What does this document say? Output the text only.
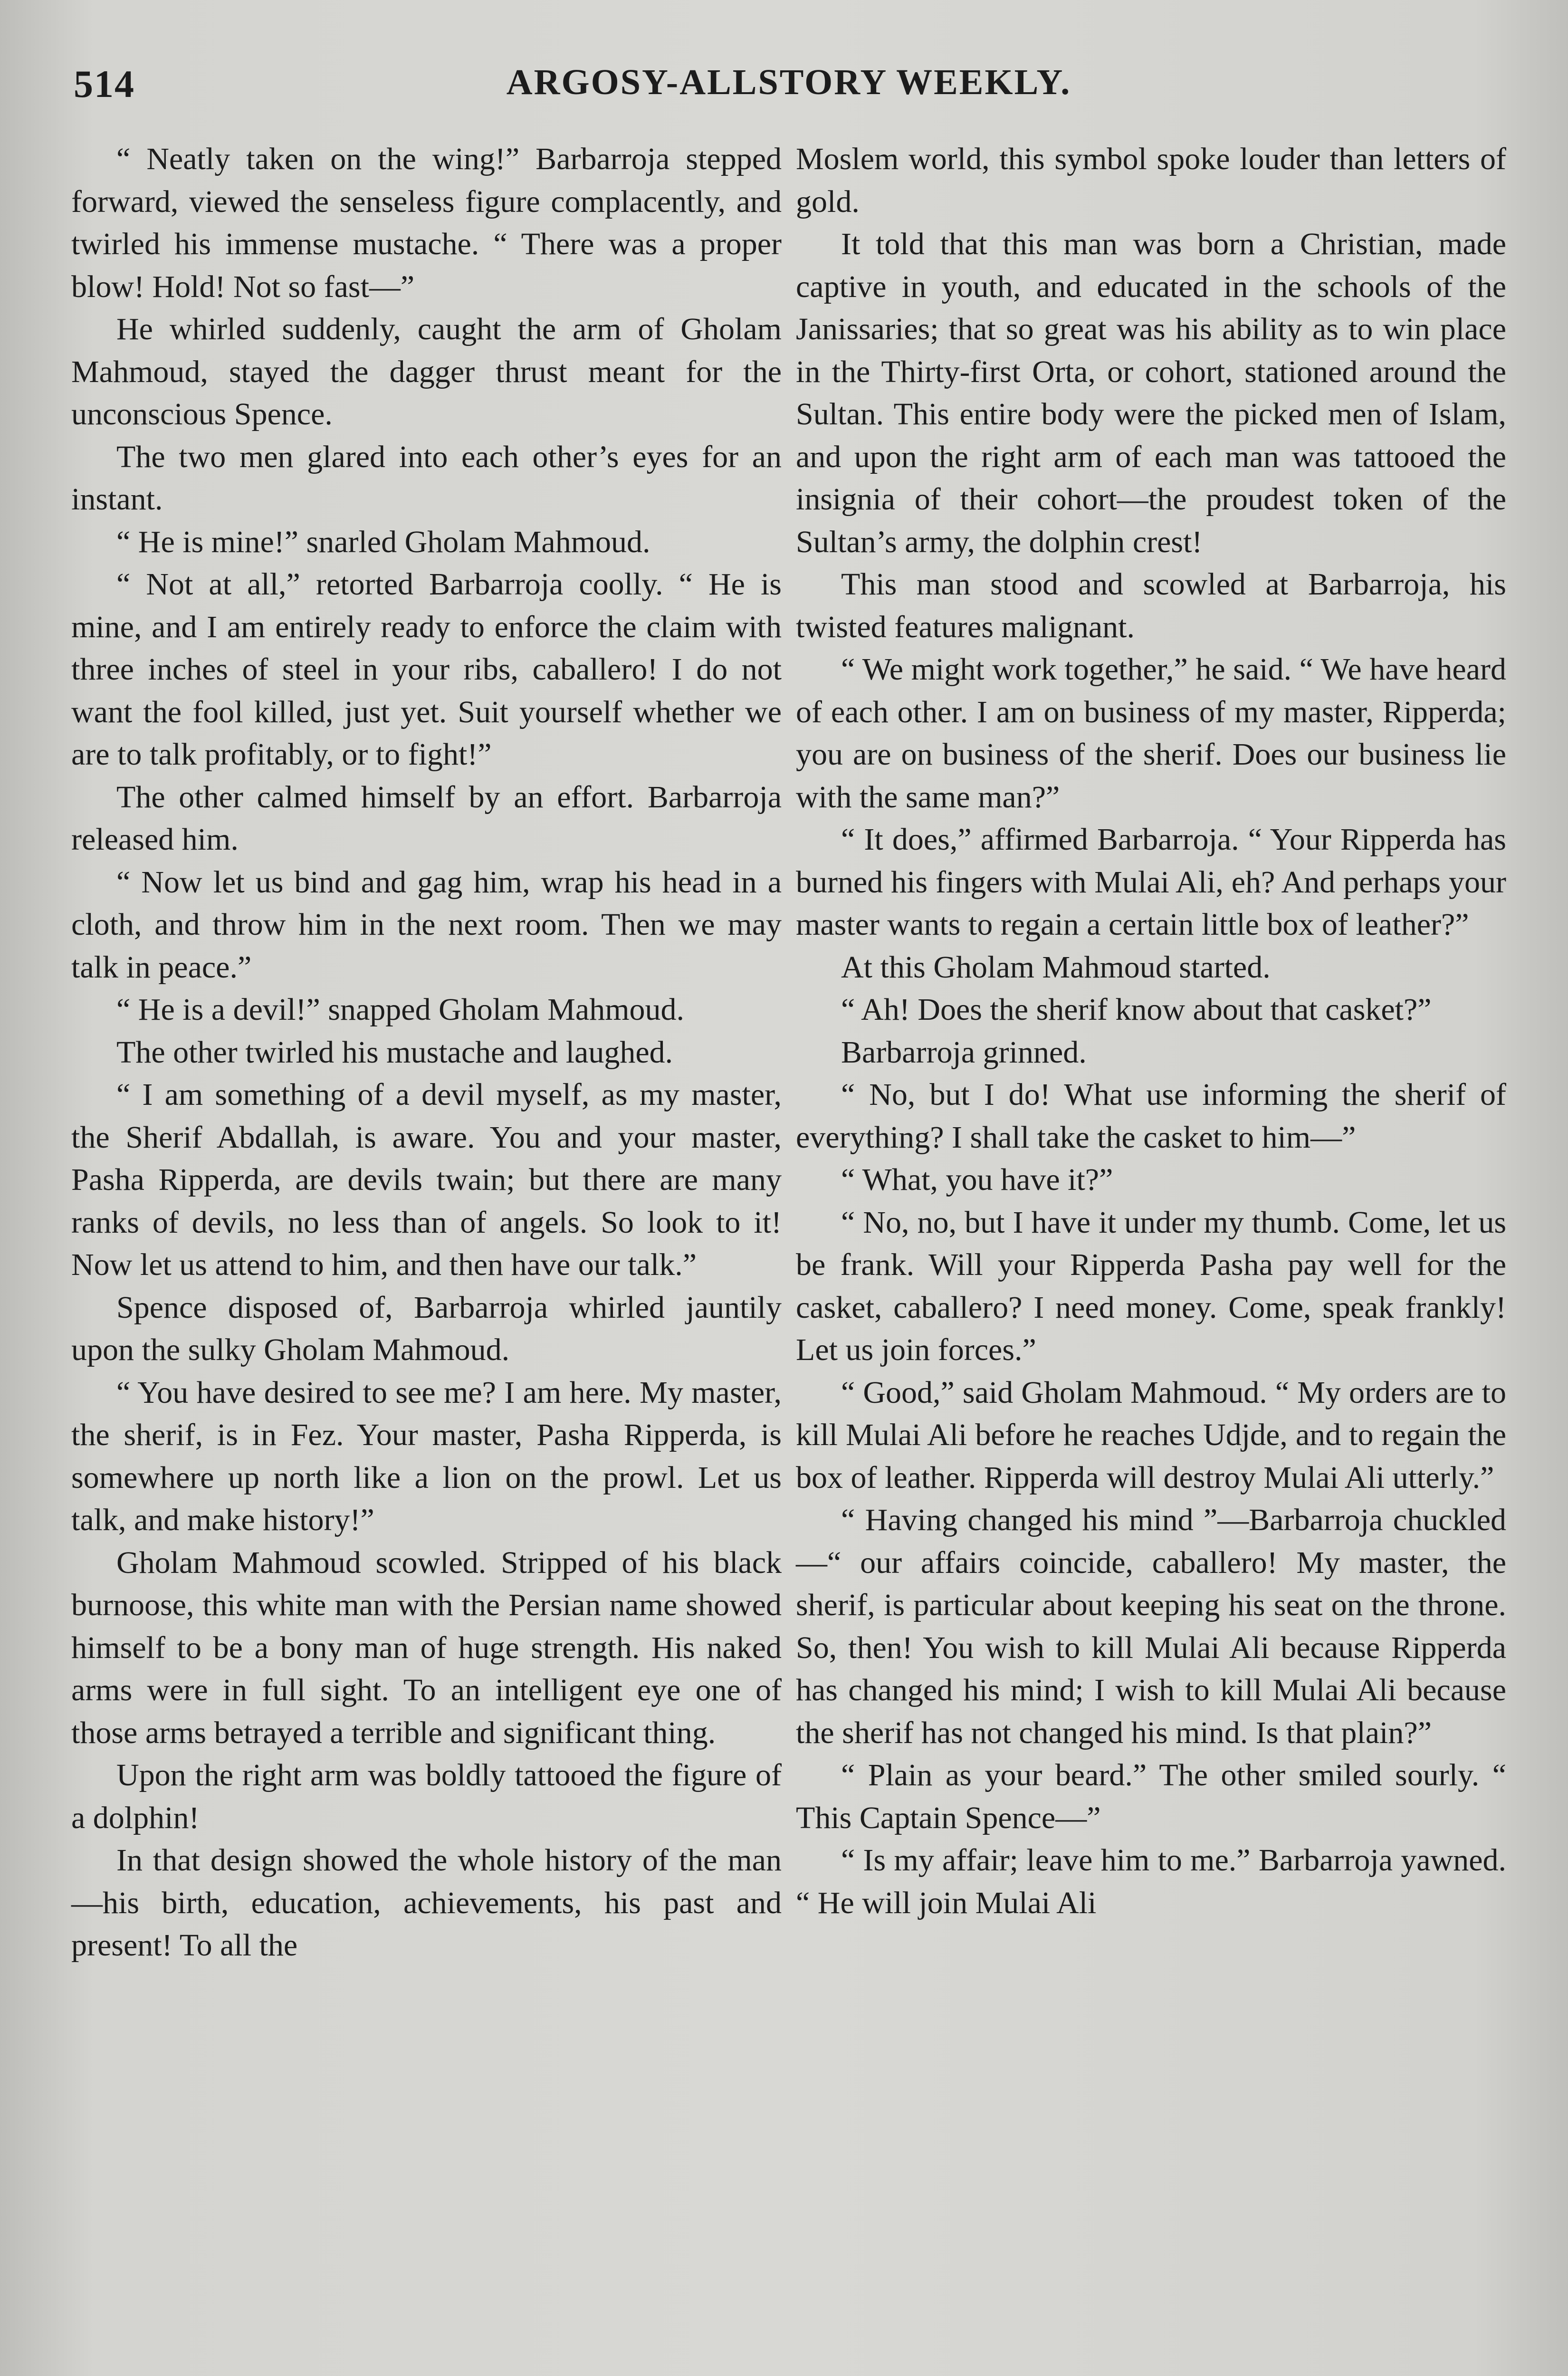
514	ARGOSY-ALLSTORY WEEKLY.

“ Neatly taken on the wing!” Barbarroja stepped forward, viewed the senseless figure complacently, and twirled his immense mustache. “ There was a proper blow! Hold! Not so fast—”

He whirled suddenly, caught the arm of Gholam Mahmoud, stayed the dagger thrust meant for the unconscious Spence.

The two men glared into each other’s eyes for an instant.

“ He is mine!” snarled Gholam Mahmoud.

“ Not at all,” retorted Barbarroja coolly. “ He is mine, and I am entirely ready to enforce the claim with three inches of steel in your ribs, caballero! I do not want the fool killed, just yet. Suit yourself whether we are to talk profitably, or to fight!”

The other calmed himself by an effort. Barbarroja released him.

“ Now let us bind and gag him, wrap his head in a cloth, and throw him in the next room. Then we may talk in peace.”

“ He is a devil!” snapped Gholam Mahmoud.

The other twirled his mustache and laughed.

“ I am something of a devil myself, as my master, the Sherif Abdallah, is aware. You and your master, Pasha Ripperda, are devils twain; but there are many ranks of devils, no less than of angels. So look to it! Now let us attend to him, and then have our talk.”

Spence disposed of, Barbarroja whirled jauntily upon the sulky Gholam Mahmoud.

“ You have desired to see me? I am here. My master, the sherif, is in Fez. Your master, Pasha Ripperda, is somewhere up north like a lion on the prowl. Let us talk, and make history!”

Gholam Mahmoud scowled. Stripped of his black burnoose, this white man with the Persian name showed himself to be a bony man of huge strength. His naked arms were in full sight. To an intelligent eye one of those arms betrayed a terrible and significant thing.

Upon the right arm was boldly tattooed the figure of a dolphin!

In that design showed the whole history of the man—his birth, education, achievements, his past and present! To all the

Moslem world, this symbol spoke louder than letters of gold.

It told that this man was born a Christian, made captive in youth, and educated in the schools of the Janissaries; that so great was his ability as to win place in the Thirty-first Orta, or cohort, stationed around the Sultan. This entire body were the picked men of Islam, and upon the right arm of each man was tattooed the insignia of their cohort—the proudest token of the Sultan’s army, the dolphin crest!

This man stood and scowled at Barbarroja, his twisted features malignant.

“ We might work together,” he said. “ We have heard of each other. I am on business of my master, Ripperda; you are on business of the sherif. Does our business lie with the same man?”

“ It does,” affirmed Barbarroja. “ Your Ripperda has burned his fingers with Mulai Ali, eh? And perhaps your master wants to regain a certain little box of leather?”

At this Gholam Mahmoud started.

“ Ah! Does the sherif know about that casket?”

Barbarroja grinned.

“ No, but I do! What use informing the sherif of everything? I shall take the casket to him—”

“ What, you have it?”

“ No, no, but I have it under my thumb. Come, let us be frank. Will your Ripperda Pasha pay well for the casket, caballero? I need money. Come, speak frankly! Let us join forces.”

“ Good,” said Gholam Mahmoud. “ My orders are to kill Mulai Ali before he reaches Udjde, and to regain the box of leather. Ripperda will destroy Mulai Ali utterly.”

“ Having changed his mind ”—Barbarroja chuckled—“ our affairs coincide, caballero! My master, the sherif, is particular about keeping his seat on the throne. So, then! You wish to kill Mulai Ali because Ripperda has changed his mind; I wish to kill Mulai Ali because the sherif has not changed his mind. Is that plain?”

“ Plain as your beard.” The other smiled sourly. “ This Captain Spence—”

“ Is my affair; leave him to me.” Barbarroja yawned. “ He will join Mulai Ali
